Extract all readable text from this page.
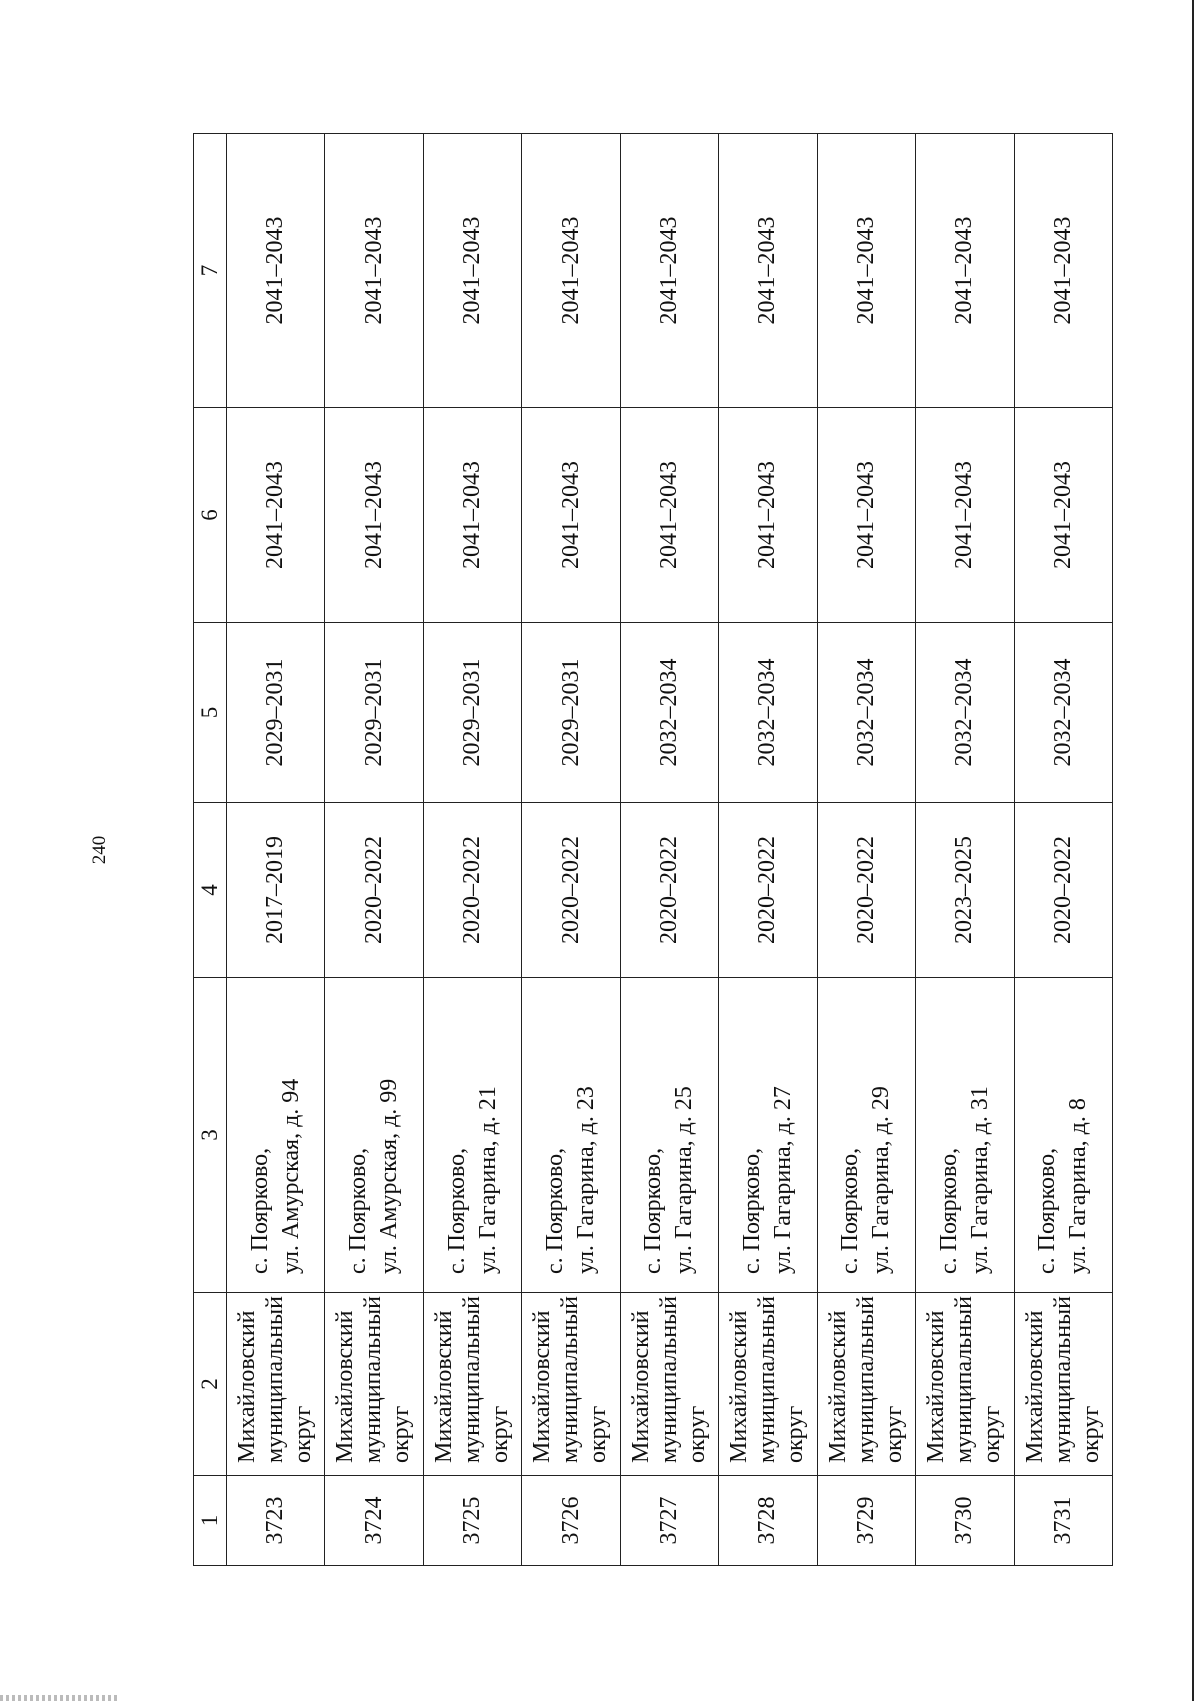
240
1	2	3	4	5	6	7
3723	Михайловский муниципальный округ	с. Поярково, ул. Амурская, д. 94	2017–2019	2029–2031	2041–2043	2041–2043
3724	Михайловский муниципальный округ	с. Поярково, ул. Амурская, д. 99	2020–2022	2029–2031	2041–2043	2041–2043
3725	Михайловский муниципальный округ	с. Поярково, ул. Гагарина, д. 21	2020–2022	2029–2031	2041–2043	2041–2043
3726	Михайловский муниципальный округ	с. Поярково, ул. Гагарина, д. 23	2020–2022	2029–2031	2041–2043	2041–2043
3727	Михайловский муниципальный округ	с. Поярково, ул. Гагарина, д. 25	2020–2022	2032–2034	2041–2043	2041–2043
3728	Михайловский муниципальный округ	с. Поярково, ул. Гагарина, д. 27	2020–2022	2032–2034	2041–2043	2041–2043
3729	Михайловский муниципальный округ	с. Поярково, ул. Гагарина, д. 29	2020–2022	2032–2034	2041–2043	2041–2043
3730	Михайловский муниципальный округ	с. Поярково, ул. Гагарина, д. 31	2023–2025	2032–2034	2041–2043	2041–2043
3731	Михайловский муниципальный округ	с. Поярково, ул. Гагарина, д. 8	2020–2022	2032–2034	2041–2043	2041–2043
